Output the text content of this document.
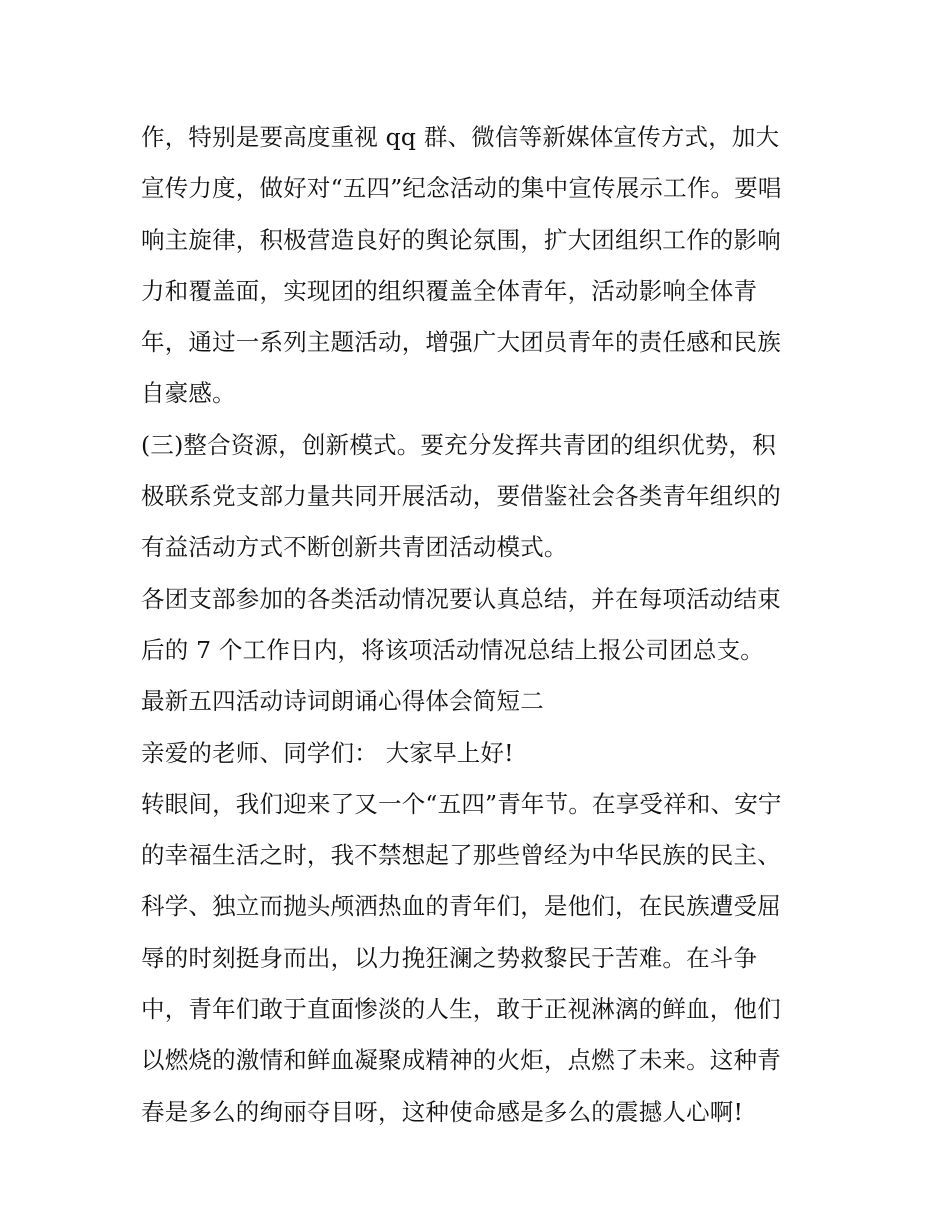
作，特别是要高度重视 qq 群、微信等新媒体宣传方式，加大
宣传力度，做好对“五四”纪念活动的集中宣传展示工作。要唱
响主旋律，积极营造良好的舆论氛围，扩大团组织工作的影响
力和覆盖面，实现团的组织覆盖全体青年，活动影响全体青
年，通过一系列主题活动，增强广大团员青年的责任感和民族
自豪感。
(三)整合资源，创新模式。要充分发挥共青团的组织优势，积
极联系党支部力量共同开展活动，要借鉴社会各类青年组织的
有益活动方式不断创新共青团活动模式。
各团支部参加的各类活动情况要认真总结，并在每项活动结束
后的 7 个工作日内，将该项活动情况总结上报公司团总支。
最新五四活动诗词朗诵心得体会简短二
亲爱的老师、同学们： 大家早上好!
转眼间，我们迎来了又一个“五四”青年节。在享受祥和、安宁
的幸福生活之时，我不禁想起了那些曾经为中华民族的民主、
科学、独立而抛头颅洒热血的青年们，是他们，在民族遭受屈
辱的时刻挺身而出，以力挽狂澜之势救黎民于苦难。在斗争
中，青年们敢于直面惨淡的人生，敢于正视淋漓的鲜血，他们
以燃烧的激情和鲜血凝聚成精神的火炬，点燃了未来。这种青
春是多么的绚丽夺目呀，这种使命感是多么的震撼人心啊!
